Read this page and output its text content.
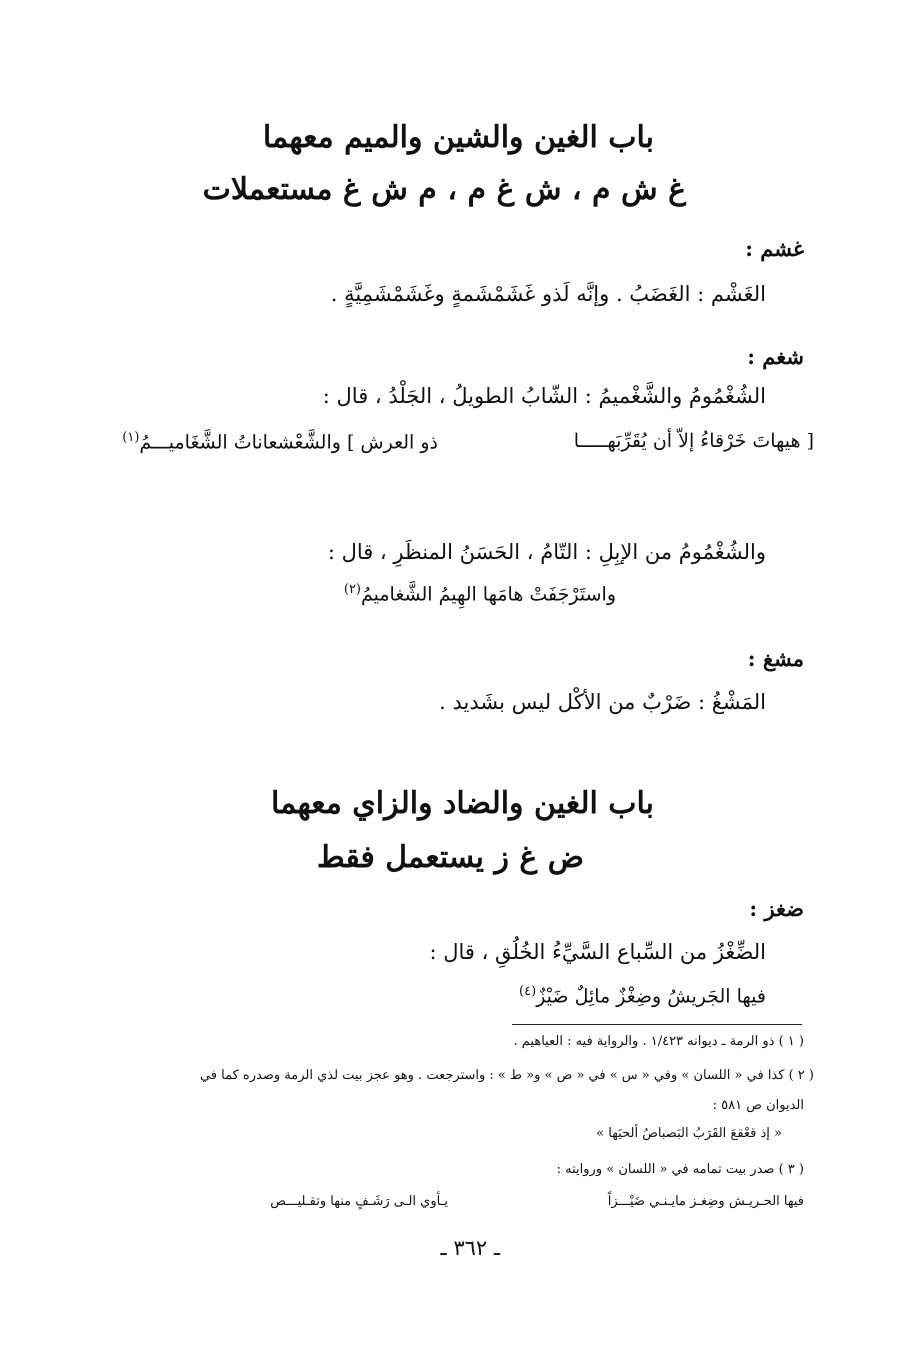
باب الغين والشين والميم معهما
غ ش م ، ش غ م ، م ش غ مستعملات
غشم :
الغَشْم : الغَضَبُ . وإنَّه لَذو غَشَمْشَمةٍ وغَشَمْشَمِيَّةٍ .
شغم :
الشُغْمُومُ والشَّغْميمُ : الشّابُ الطويلُ ، الجَلْدُ ، قال :
[ هيهاتَ خَرْقاءُ إلاّ أن يُقَرِّبَهـــــا
ذو العرش ] والشَّعْشعاناتُ الشَّغَاميـــمُ$^{(١)}$
والشُغْمُومُ من الإبِلِ : التّامُ ، الحَسَنُ المنظَرِ ، قال :
واستَرْجَفَتْ هامَها الهِيمُ الشَّغاميمُ$^{(٢)}$
مشغ :
المَشْغُ : ضَرْبٌ من الأكْل ليس بشَديد .
باب الغين والضاد والزاي معهما
ض غ ز يستعمل فقط
ضغز :
الضِّغْزُ من السِّباع السَّيِّءُ الخُلُقِ ، قال :
فيها الجَريشُ وضِغْزٌ مائِلٌ ضَيْزٌ$^{(٤)}$
( ١ ) ذو الرمة ـ ديوانه ١/٤٢٣ . والرواية فيه : العياهيم .
( ٢ ) كذا في « اللسان » وفي « س » في « ص » و« ط » : واسترجعت . وهو عجز بيت لذي الرمة وصدره كما في
الديوان ص ٥٨١ :
« إذ قعْقعَ القَرَبُ البَصباصُ ألحيَها »
( ٣ ) صدر بيت تمامه في « اللسان » وروايته :
فيها الحـريـش وضِغـز مايـنـي ضَيْـــزاً
يـأوي الـى رَشَـفٍ منها وتقـليـــص
ـ ٣٦٢ ـ
